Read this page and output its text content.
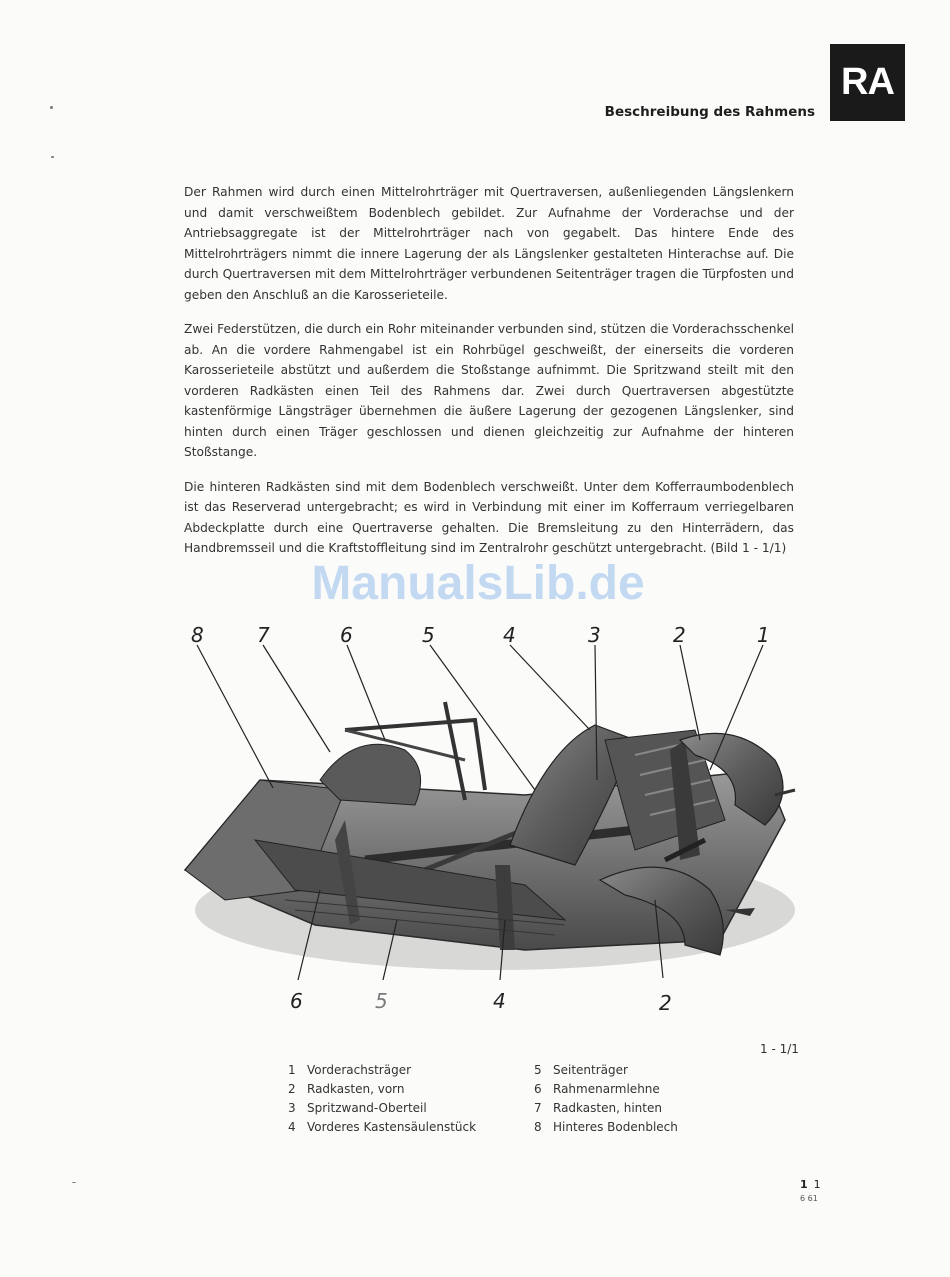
RA
Beschreibung des Rahmens

Der Rahmen wird durch einen Mittelrohrträger mit Quertraversen, außenliegenden Längslenkern und damit verschweißtem Bodenblech gebildet. Zur Aufnahme der Vorderachse und der Antriebsaggregate ist der Mittelrohrträger nach von gegabelt. Das hintere Ende des Mittelrohrträgers nimmt die innere Lagerung der als Längslenker gestalteten Hinterachse auf. Die durch Quertraversen mit dem Mittelrohrträger verbundenen Seitenträger tragen die Türpfosten und geben den Anschluß an die Karosserieteile.

Zwei Federstützen, die durch ein Rohr miteinander verbunden sind, stützen die Vorderachsschenkel ab. An die vordere Rahmengabel ist ein Rohrbügel geschweißt, der einerseits die vorderen Karosserieteile abstützt und außerdem die Stoßstange aufnimmt. Die Spritzwand steilt mit den vorderen Radkästen einen Teil des Rahmens dar. Zwei durch Quertraversen abgestützte kastenförmige Längsträger übernehmen die äußere Lagerung der gezogenen Längslenker, sind hinten durch einen Träger geschlossen und dienen gleichzeitig zur Aufnahme der hinteren Stoßstange.

Die hinteren Radkästen sind mit dem Bodenblech verschweißt. Unter dem Kofferraumbodenblech ist das Reserverad untergebracht; es wird in Verbindung mit einer im Kofferraum verriegelbaren Abdeckplatte durch eine Quertraverse gehalten. Die Bremsleitung zu den Hinterrädern, das Handbremsseil und die Kraftstoffleitung sind im Zentralrohr geschützt untergebracht. (Bild 1 - 1/1)

8	7	6	5	4	3	2	1
6	5	4	2
ManualsLib.de
1 - 1/1
1 Vorderachsträger	5 Seitenträger
2 Radkasten, vorn	6 Rahmenarmlehne
3 Spritzwand-Oberteil	7 Radkasten, hinten
4 Vorderes Kastensäulenstück	8 Hinteres Bodenblech
1 1
6 61
